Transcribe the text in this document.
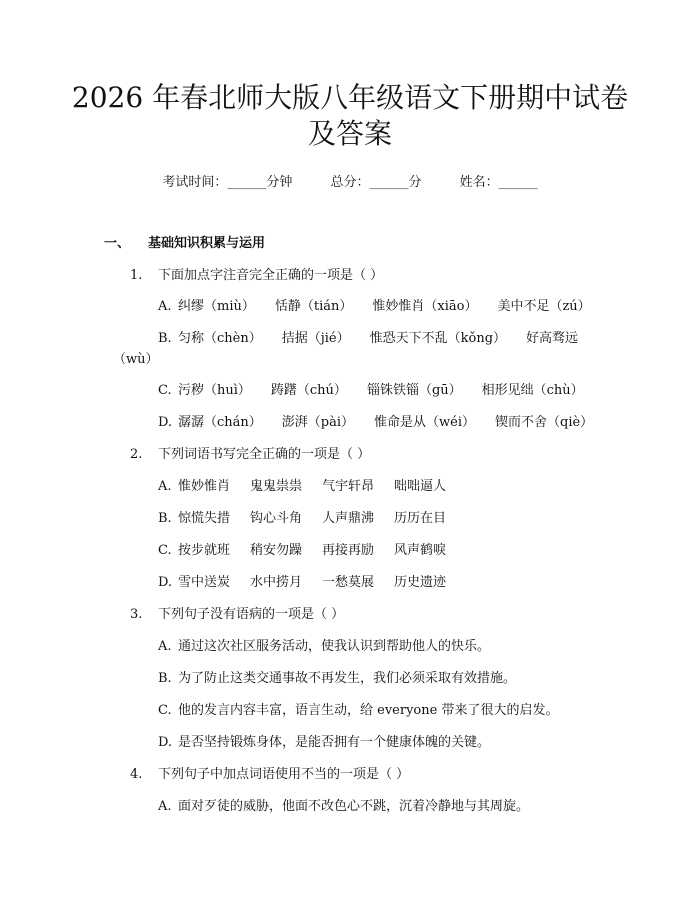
2026 年春北师大版八年级语文下册期中试卷
及答案
考试时间：______分钟	总分：______分	姓名：______
一、 基础知识积累与运用
1. 下面加点字注音完全正确的一项是（ ）
A. 纠缪（miù） 恬静（tián） 惟妙惟肖（xiāo） 美中不足（zú）
B. 匀称（chèn） 拮据（jié） 惟恐天下不乱（kǒng） 好高骛远
（wù）
C. 污秽（huì） 踌躇（chú） 锱铢铁锱（gū） 相形见绌（chù）
D. 潺潺（chán） 澎湃（pài） 惟命是从（wéi） 锲而不舍（qiè）
2. 下列词语书写完全正确的一项是（ ）
A. 惟妙惟肖 鬼鬼祟祟 气宇轩昂 咄咄逼人
B. 惊慌失措 钩心斗角 人声鼎沸 历历在目
C. 按步就班 稍安勿躁 再接再励 风声鹤唳
D. 雪中送炭 水中捞月 一愁莫展 历史遗迹
3. 下列句子没有语病的一项是（ ）
A. 通过这次社区服务活动，使我认识到帮助他人的快乐。
B. 为了防止这类交通事故不再发生，我们必须采取有效措施。
C. 他的发言内容丰富，语言生动，给 everyone 带来了很大的启发。
D. 是否坚持锻炼身体，是能否拥有一个健康体魄的关键。
4. 下列句子中加点词语使用不当的一项是（ ）
A. 面对歹徒的威胁，他面不改色心不跳，沉着冷静地与其周旋。
